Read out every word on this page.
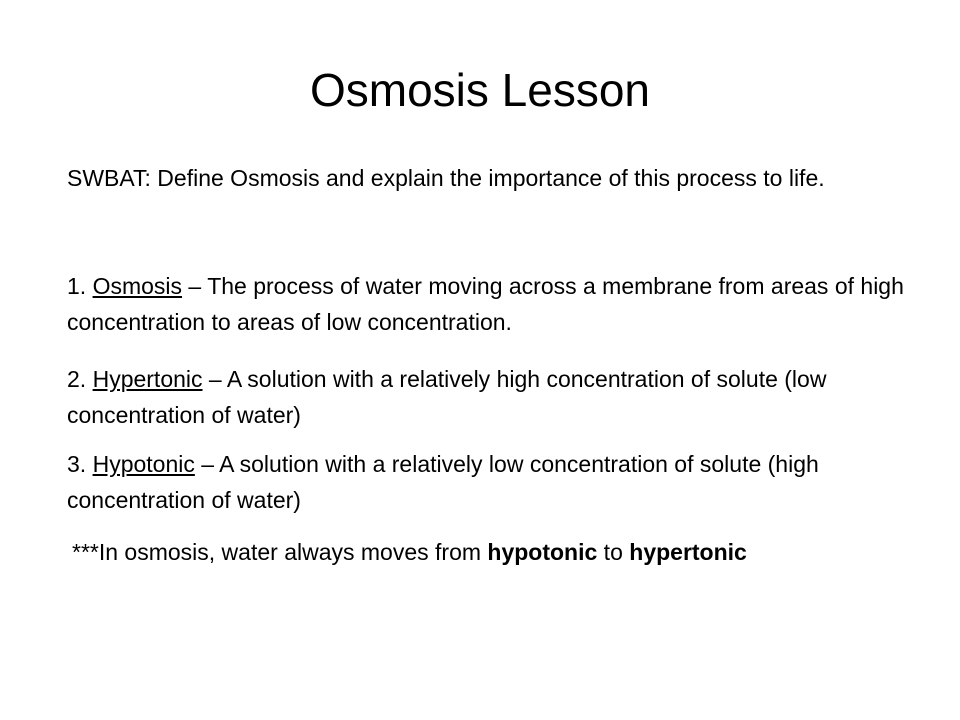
Osmosis Lesson

SWBAT: Define Osmosis and explain the importance of this process to life.

1. Osmosis – The process of water moving across a membrane from areas of high concentration to areas of low concentration.

2. Hypertonic – A solution with a relatively high concentration of solute (low concentration of water)

3. Hypotonic – A solution with a relatively low concentration of solute (high concentration of water)

***In osmosis, water always moves from hypotonic to hypertonic
